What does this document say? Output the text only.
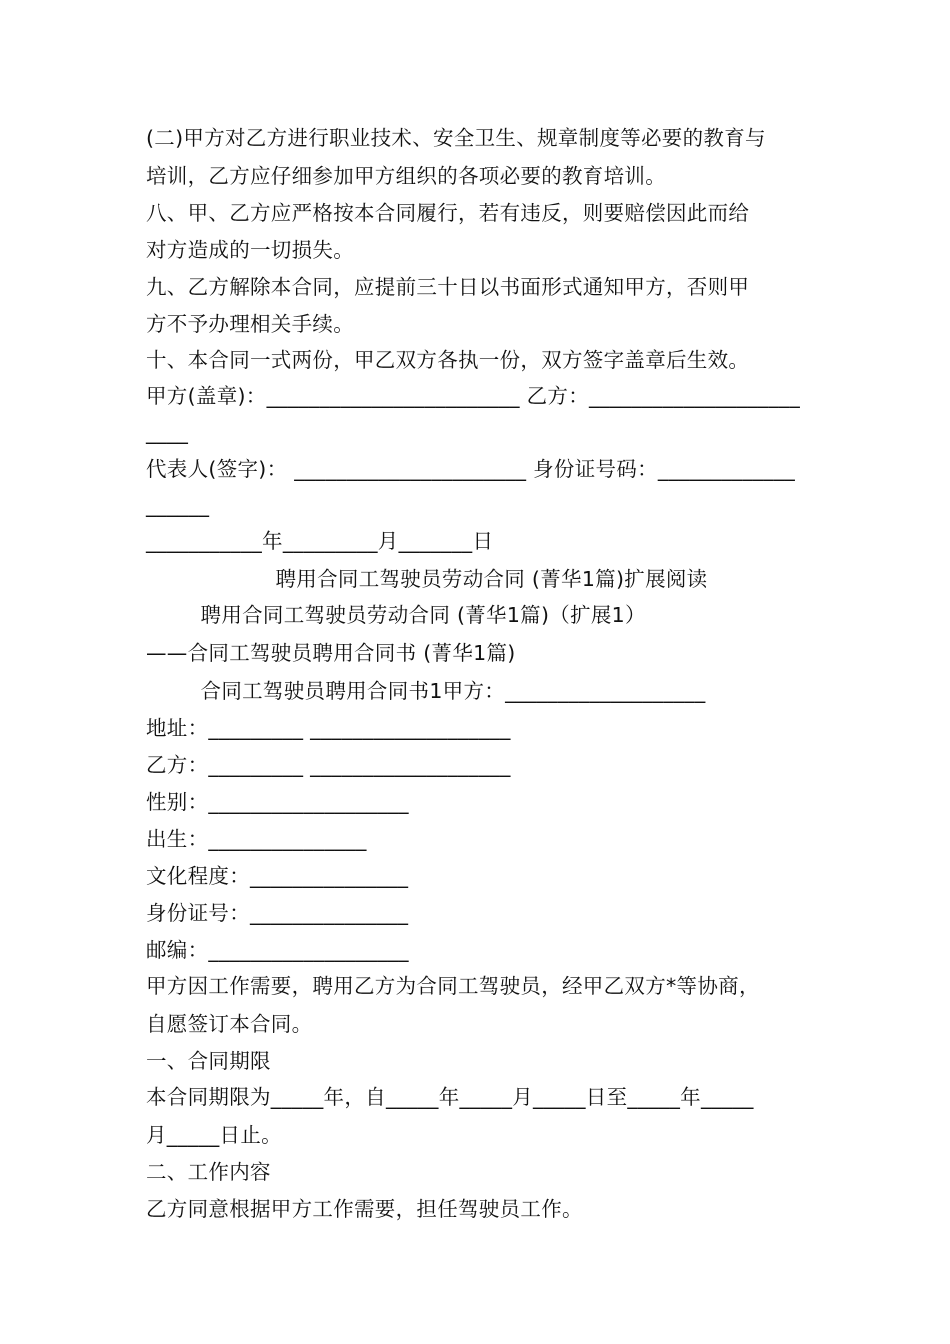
(二)甲方对乙方进行职业技术、安全卫生、规章制度等必要的教育与
培训，乙方应仔细参加甲方组织的各项必要的教育培训。
八、甲、乙方应严格按本合同履行，若有违反，则要赔偿因此而给
对方造成的一切损失。
九、乙方解除本合同，应提前三十日以书面形式通知甲方，否则甲
方不予办理相关手续。
十、本合同一式两份，甲乙双方各执一份，双方签字盖章后生效。
甲方(盖章)：________________________ 乙方：____________________
____
代表人(签字)： ______________________ 身份证号码：_____________
______
___________年_________月_______日
聘用合同工驾驶员劳动合同 (菁华1篇)扩展阅读
聘用合同工驾驶员劳动合同 (菁华1篇)（扩展1）
——合同工驾驶员聘用合同书 (菁华1篇)
合同工驾驶员聘用合同书1甲方：___________________
地址：_________ ___________________
乙方：_________ ___________________
性别：___________________
出生：_______________
文化程度：_______________
身份证号：_______________
邮编：___________________
甲方因工作需要，聘用乙方为合同工驾驶员，经甲乙双方*等协商，
自愿签订本合同。
一、合同期限
本合同期限为_____年，自_____年_____月_____日至_____年_____
月_____日止。
二、工作内容
乙方同意根据甲方工作需要，担任驾驶员工作。
